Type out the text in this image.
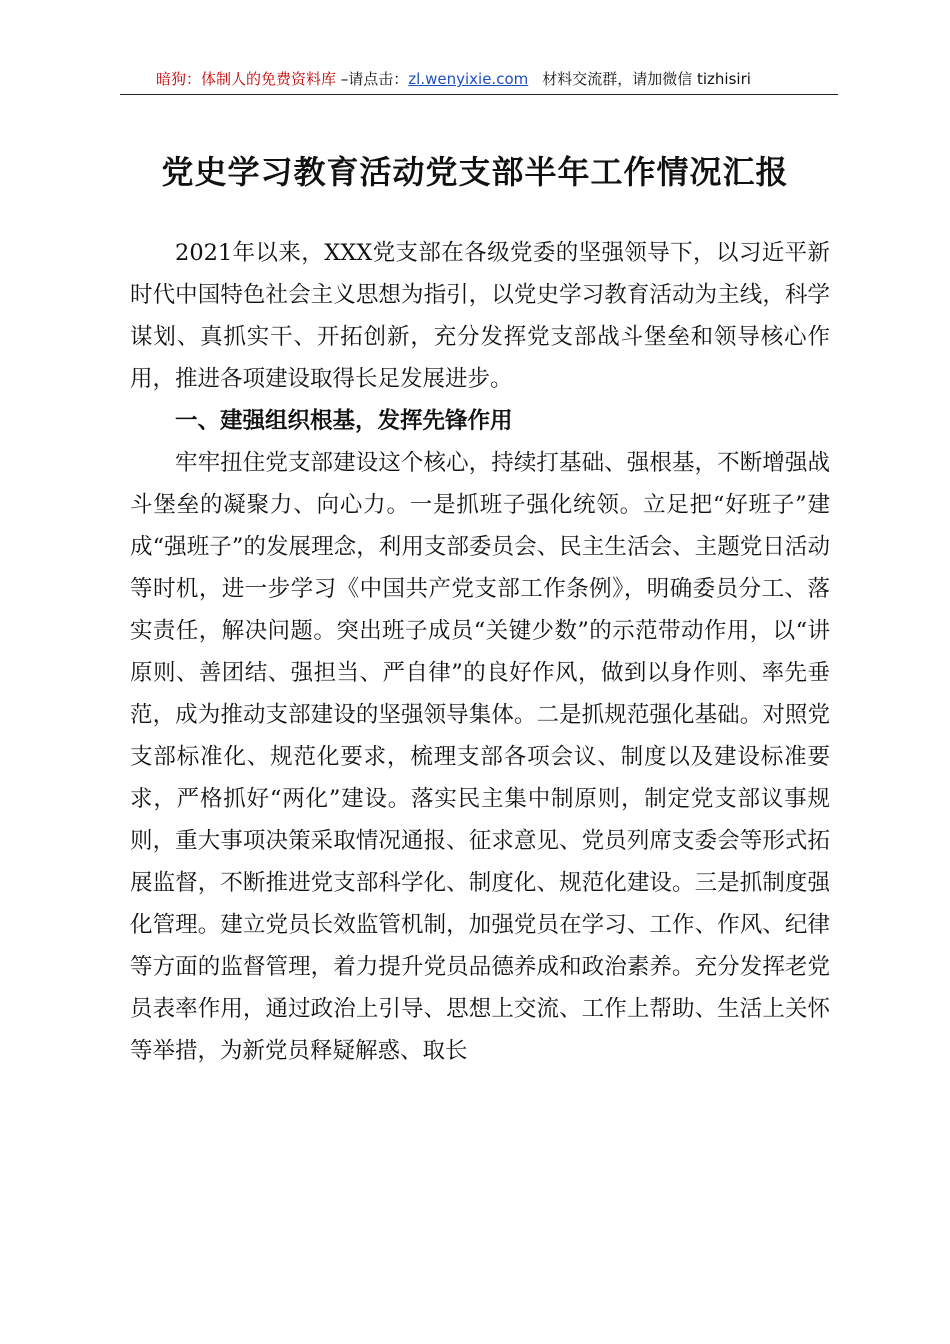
暗狗：体制人的免费资料库 –请点击：zl.wenyixie.com 材料交流群，请加微信 tizhisiri
党史学习教育活动党支部半年工作情况汇报

2021年以来，XXX党支部在各级党委的坚强领导下，以习近平新时代中国特色社会主义思想为指引，以党史学习教育活动为主线，科学谋划、真抓实干、开拓创新，充分发挥党支部战斗堡垒和领导核心作用，推进各项建设取得长足发展进步。

一、建强组织根基，发挥先锋作用

牢牢扭住党支部建设这个核心，持续打基础、强根基，不断增强战斗堡垒的凝聚力、向心力。一是抓班子强化统领。立足把“好班子”建成“强班子”的发展理念，利用支部委员会、民主生活会、主题党日活动等时机，进一步学习《中国共产党支部工作条例》，明确委员分工、落实责任，解决问题。突出班子成员“关键少数”的示范带动作用，以“讲原则、善团结、强担当、严自律”的良好作风，做到以身作则、率先垂范，成为推动支部建设的坚强领导集体。二是抓规范强化基础。对照党支部标准化、规范化要求，梳理支部各项会议、制度以及建设标准要求，严格抓好“两化”建设。落实民主集中制原则，制定党支部议事规则，重大事项决策采取情况通报、征求意见、党员列席支委会等形式拓展监督，不断推进党支部科学化、制度化、规范化建设。三是抓制度强化管理。建立党员长效监管机制，加强党员在学习、工作、作风、纪律等方面的监督管理，着力提升党员品德养成和政治素养。充分发挥老党员表率作用，通过政治上引导、思想上交流、工作上帮助、生活上关怀等举措，为新党员释疑解惑、取长
